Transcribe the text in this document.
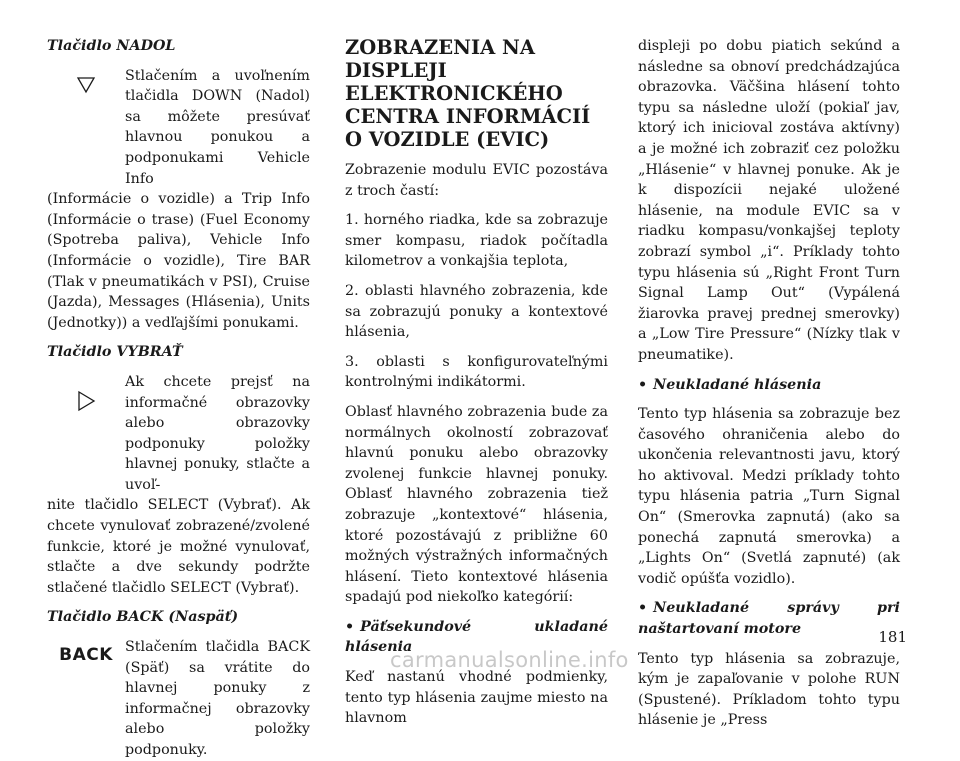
Tlačidlo NADOL

Stlačením a uvoľnením tlačidla DOWN (Nadol) sa môžete presúvať hlavnou ponukou a podponukami Vehicle Info

(Informácie o vozidle) a Trip Info (Informácie o trase) (Fuel Economy (Spotreba paliva), Vehicle Info (Informácie o vozidle), Tire BAR (Tlak v pneumatikách v PSI), Cruise (Jazda), Messages (Hlásenia), Units (Jednotky)) a vedľajšími ponukami.

Tlačidlo VYBRAŤ

Ak chcete prejsť na informačné obrazovky alebo obrazovky podponuky položky hlavnej ponuky, stlačte a uvoľ-

nite tlačidlo SELECT (Vybrať). Ak chcete vynulovať zobrazené/zvolené funkcie, ktoré je možné vynulovať, stlačte a dve sekundy podržte stlačené tlačidlo SELECT (Vybrať).

Tlačidlo BACK (Naspäť)

BACK Stlačením tlačidla BACK (Späť) sa vrátite do hlavnej ponuky z informačnej obrazovky alebo položky podponuky.

ZOBRAZENIA NA DISPLEJI ELEKTRONICKÉHO CENTRA INFORMÁCIÍ O VOZIDLE (EVIC)

Zobrazenie modulu EVIC pozostáva z troch častí:

1. horného riadka, kde sa zobrazuje smer kompasu, riadok počítadla kilometrov a vonkajšia teplota,

2. oblasti hlavného zobrazenia, kde sa zobrazujú ponuky a kontextové hlásenia,

3. oblasti s konfigurovateľnými kontrolnými indikátormi.

Oblasť hlavného zobrazenia bude za normálnych okolností zobrazovať hlavnú ponuku alebo obrazovky zvolenej funkcie hlavnej ponuky. Oblasť hlavného zobrazenia tiež zobrazuje „kontextové“ hlásenia, ktoré pozostávajú z približne 60 možných výstražných informačných hlásení. Tieto kontextové hlásenia spadajú pod niekoľko kategórií:

• Päťsekundové ukladané hlásenia

Keď nastanú vhodné podmienky, tento typ hlásenia zaujme miesto na hlavnom

displeji po dobu piatich sekúnd a následne sa obnoví predchádzajúca obrazovka. Väčšina hlásení tohto typu sa následne uloží (pokiaľ jav, ktorý ich inicioval zostáva aktívny) a je možné ich zobraziť cez položku „Hlásenie“ v hlavnej ponuke. Ak je k dispozícii nejaké uložené hlásenie, na module EVIC sa v riadku kompasu/vonkajšej teploty zobrazí symbol „i“. Príklady tohto typu hlásenia sú „Right Front Turn Signal Lamp Out“ (Vypálená žiarovka pravej prednej smerovky) a „Low Tire Pressure“ (Nízky tlak v pneumatike).

• Neukladané hlásenia

Tento typ hlásenia sa zobrazuje bez časového ohraničenia alebo do ukončenia relevantnosti javu, ktorý ho aktivoval. Medzi príklady tohto typu hlásenia patria „Turn Signal On“ (Smerovka zapnutá) (ako sa ponechá zapnutá smerovka) a „Lights On“ (Svetlá zapnuté) (ak vodič opúšťa vozidlo).

• Neukladané správy pri naštartovaní motore

Tento typ hlásenia sa zobrazuje, kým je zapaľovanie v polohe RUN (Spustené). Príkladom tohto typu hlásenie je „Press

181
carmanualsonline.info
